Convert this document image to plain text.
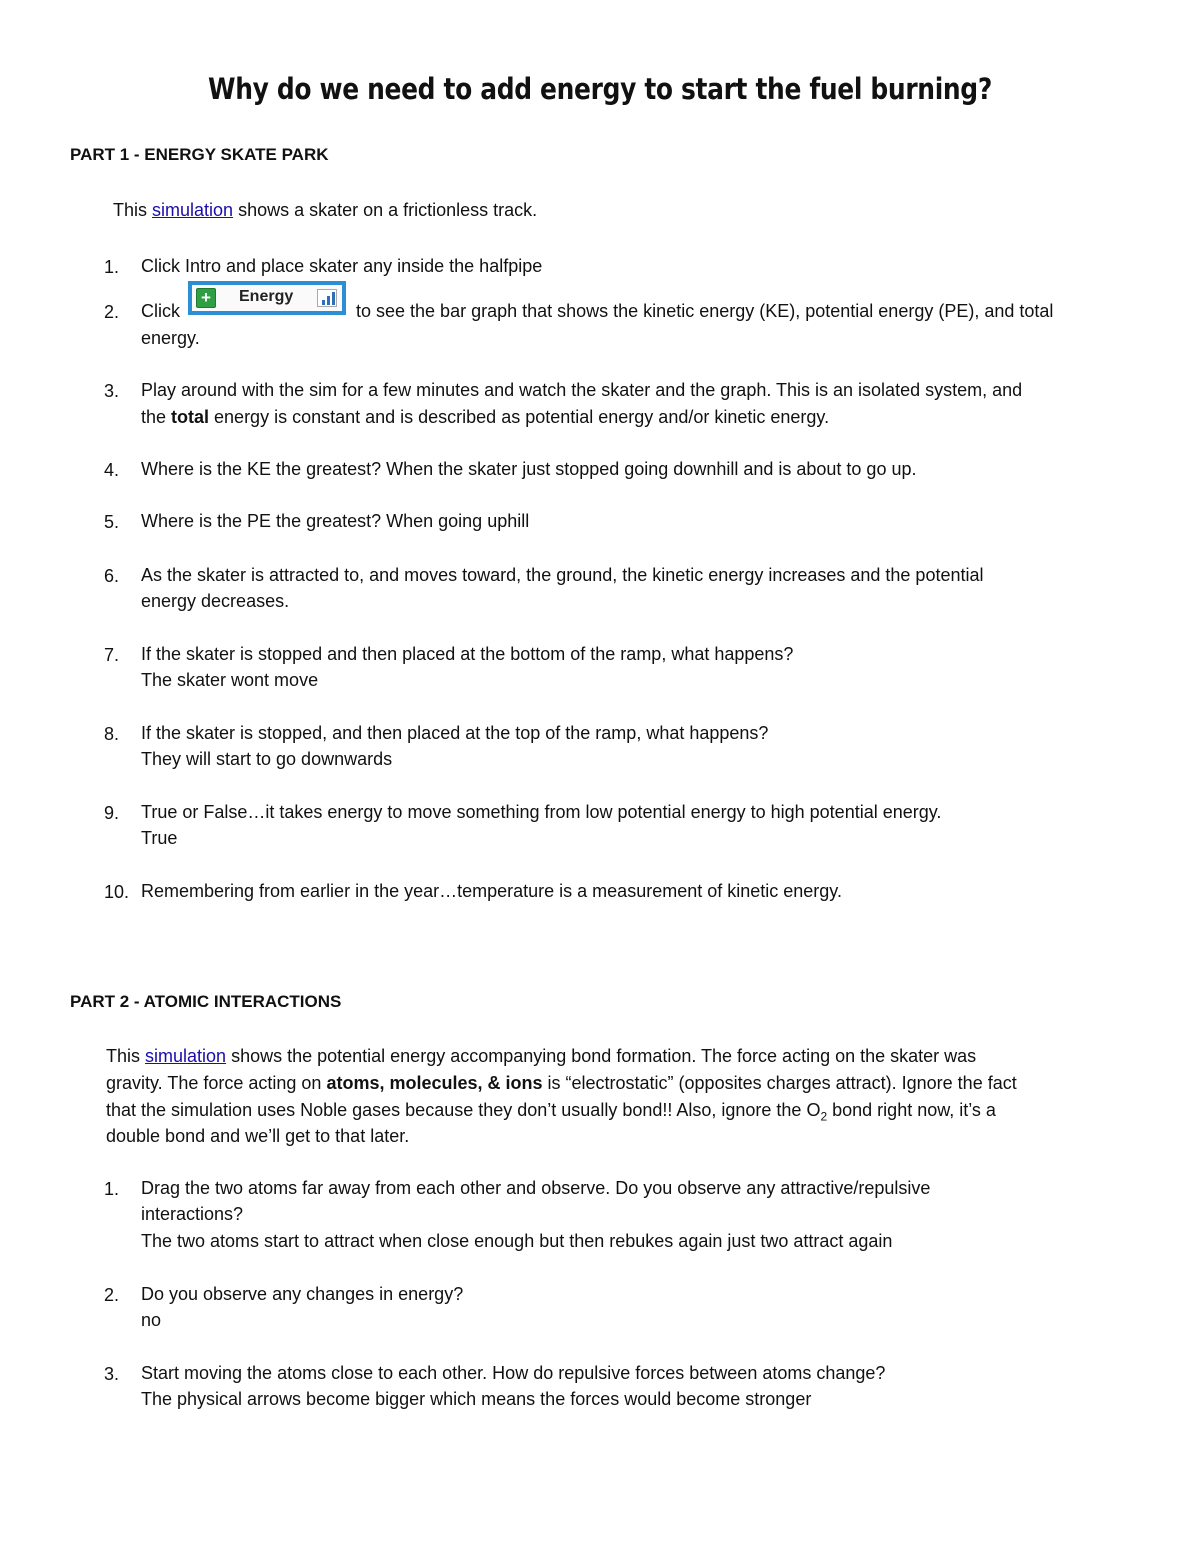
Why do we need to add energy to start the fuel burning?
PART 1 - ENERGY SKATE PARK
This simulation shows a skater on a frictionless track.
1. Click Intro and place skater any inside the halfpipe
2. Click
+	Energy
to see the bar graph that shows the kinetic energy (KE), potential energy (PE), and total
energy.
3. Play around with the sim for a few minutes and watch the skater and the graph. This is an isolated system, and
the total energy is constant and is described as potential energy and/or kinetic energy.
4. Where is the KE the greatest? When the skater just stopped going downhill and is about to go up.
5. Where is the PE the greatest? When going uphill
6. As the skater is attracted to, and moves toward, the ground, the kinetic energy increases and the potential
energy decreases.
7. If the skater is stopped and then placed at the bottom of the ramp, what happens?
The skater wont move
8. If the skater is stopped, and then placed at the top of the ramp, what happens?
They will start to go downwards
9. True or False…it takes energy to move something from low potential energy to high potential energy.
True
10. Remembering from earlier in the year…temperature is a measurement of kinetic energy.
PART 2 - ATOMIC INTERACTIONS
This simulation shows the potential energy accompanying bond formation. The force acting on the skater was
gravity. The force acting on atoms, molecules, & ions is “electrostatic” (opposites charges attract). Ignore the fact
that the simulation uses Noble gases because they don’t usually bond!! Also, ignore the $O_2$ bond right now, it’s a
double bond and we’ll get to that later.
1. Drag the two atoms far away from each other and observe. Do you observe any attractive/repulsive
interactions?
The two atoms start to attract when close enough but then rebukes again just two attract again
2. Do you observe any changes in energy?
no
3. Start moving the atoms close to each other. How do repulsive forces between atoms change?
The physical arrows become bigger which means the forces would become stronger
